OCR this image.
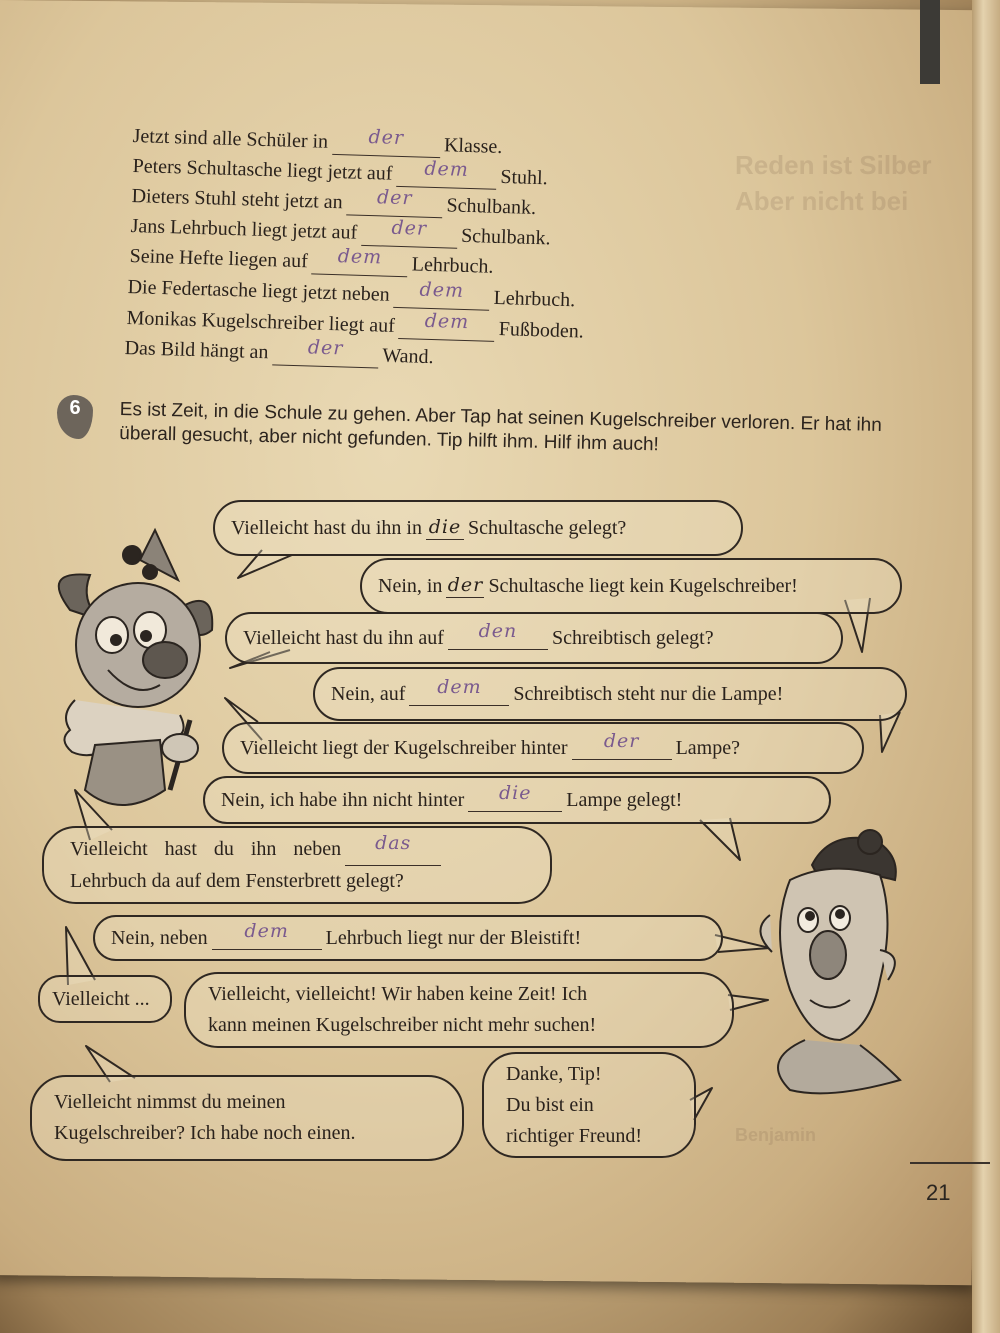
Reden ist Silber
Aber nicht bei
Benjamin
Jetzt sind alle Schüler in der Klasse.
Peters Schultasche liegt jetzt auf dem Stuhl.
Dieters Stuhl steht jetzt an der Schulbank.
Jans Lehrbuch liegt jetzt auf der Schulbank.
Seine Hefte liegen auf dem Lehrbuch.
Die Federtasche liegt jetzt neben dem Lehrbuch.
Monikas Kugelschreiber liegt auf dem Fußboden.
Das Bild hängt an der Wand.
6 Es ist Zeit, in die Schule zu gehen. Aber Tap hat seinen Kugelschreiber verloren. Er hat ihn überall gesucht, aber nicht gefunden. Tip hilft ihm. Hilf ihm auch!
Vielleicht hast du ihn in die Schultasche gelegt?
Nein, in der Schultasche liegt kein Kugelschreiber!
Vielleicht hast du ihn auf	den	Schreibtisch gelegt?
Nein, auf	dem	Schreibtisch steht nur die Lampe!
Vielleicht liegt der Kugelschreiber hinter	der	Lampe?
Nein, ich habe ihn nicht hinter	die	Lampe gelegt!
Vielleicht hast du ihn neben das
Lehrbuch da auf dem Fensterbrett gelegt?
Nein, neben	dem	Lehrbuch liegt nur der Bleistift!
Vielleicht ...	Vielleicht, vielleicht! Wir haben keine Zeit! Ich
kann meinen Kugelschreiber nicht mehr suchen!
Vielleicht nimmst du meinen
Kugelschreiber? Ich habe noch einen.
Danke, Tip!
Du bist ein
richtiger Freund!
21
